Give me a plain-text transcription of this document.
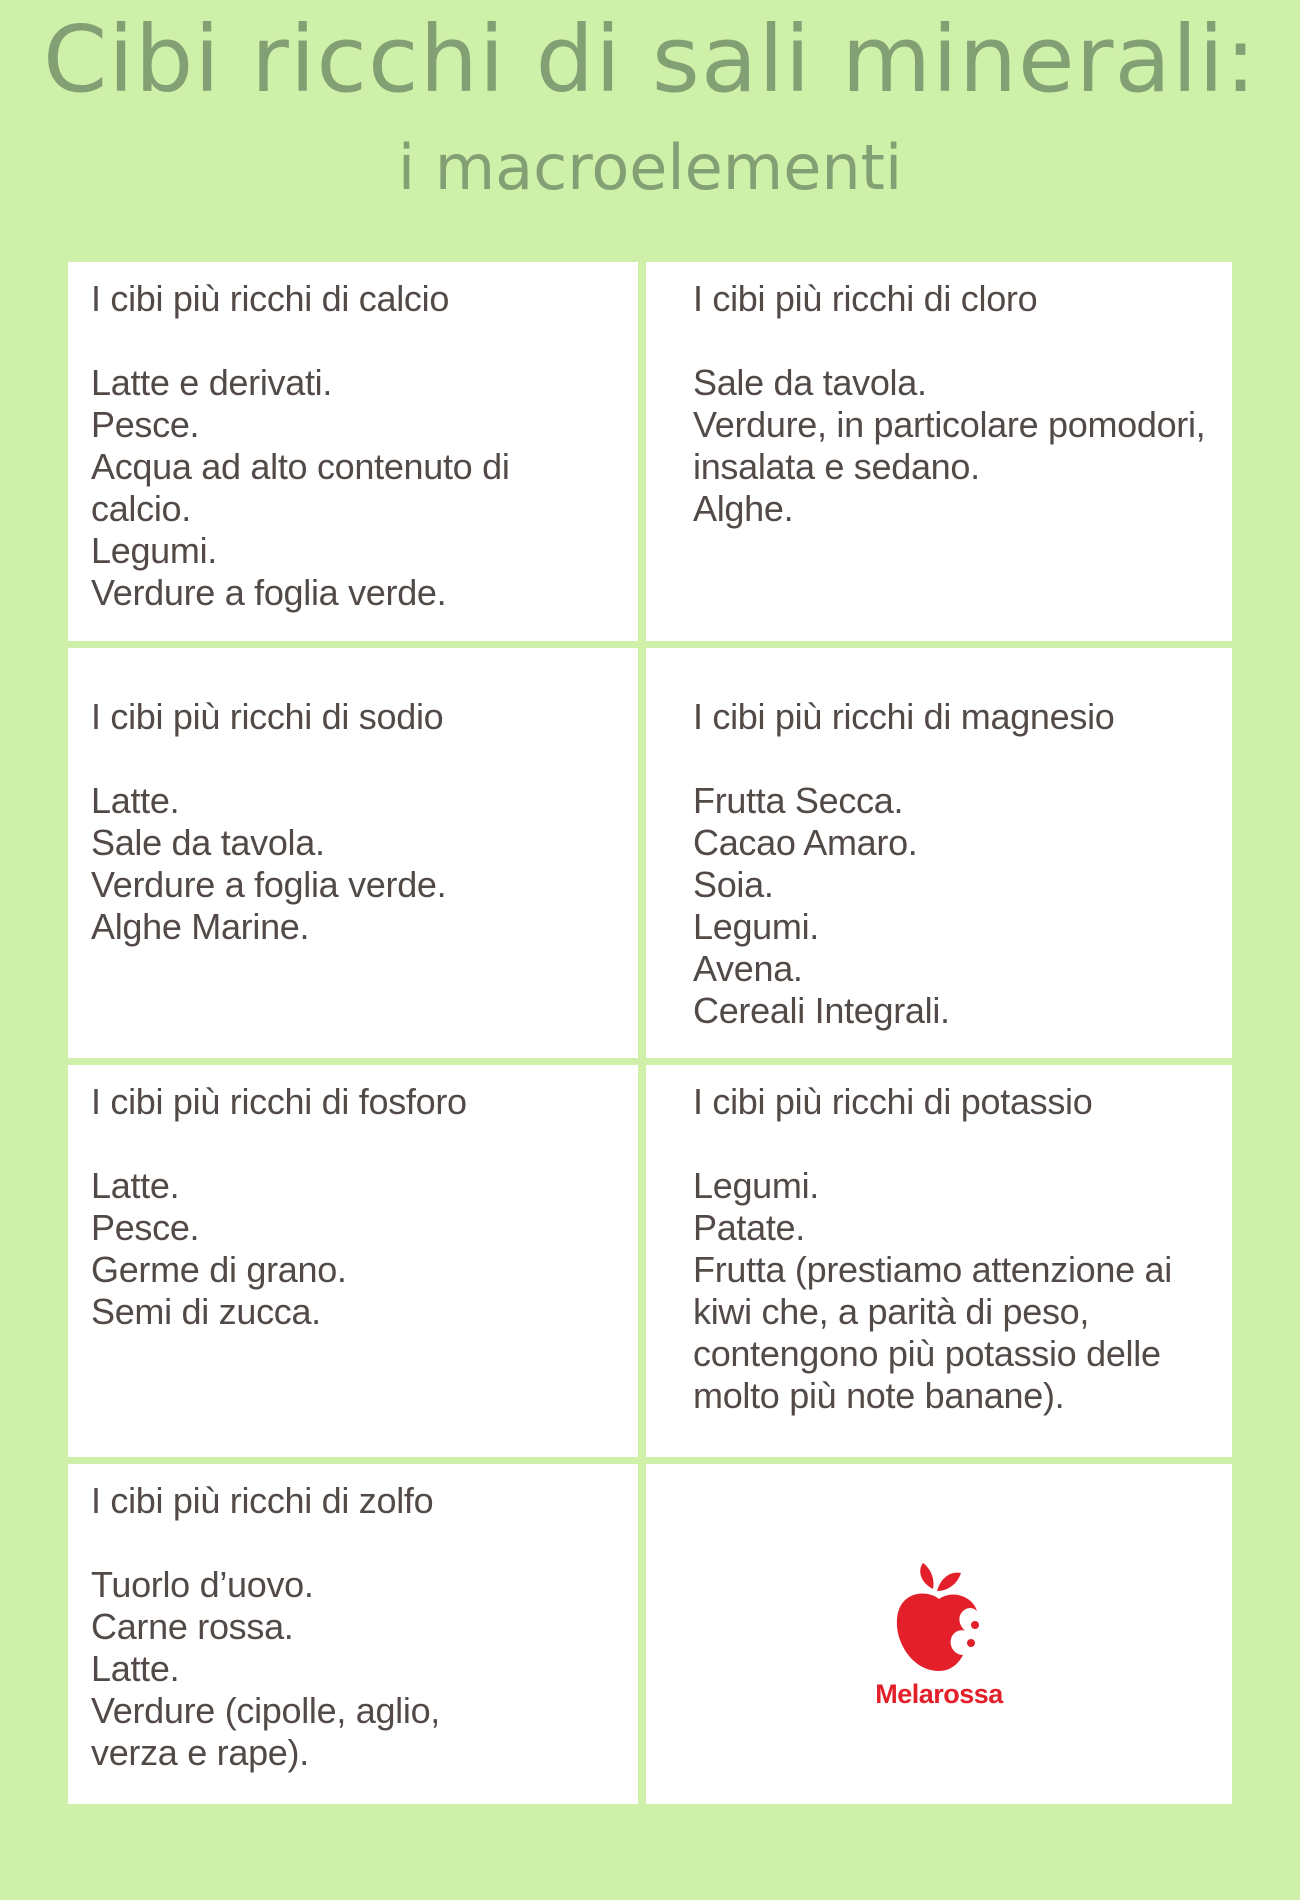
Cibi ricchi di sali minerali:
i macroelementi
I cibi più ricchi di calcio
Latte e derivati.
Pesce.
Acqua ad alto contenuto di calcio.
Legumi.
Verdure a foglia verde.
I cibi più ricchi di cloro
Sale da tavola.
Verdure, in particolare pomodori, insalata e sedano.
Alghe.
I cibi più ricchi di sodio
Latte.
Sale da tavola.
Verdure a foglia verde.
Alghe Marine.
I cibi più ricchi di magnesio
Frutta Secca.
Cacao Amaro.
Soia.
Legumi.
Avena.
Cereali Integrali.
I cibi più ricchi di fosforo
Latte.
Pesce.
Germe di grano.
Semi di zucca.
I cibi più ricchi di potassio
Legumi.
Patate.
Frutta (prestiamo attenzione ai kiwi che, a parità di peso, contengono più potassio delle molto più note banane).
I cibi più ricchi di zolfo
Tuorlo d’uovo.
Carne rossa.
Latte.
Verdure (cipolle, aglio, verza e rape).
Melarossa
